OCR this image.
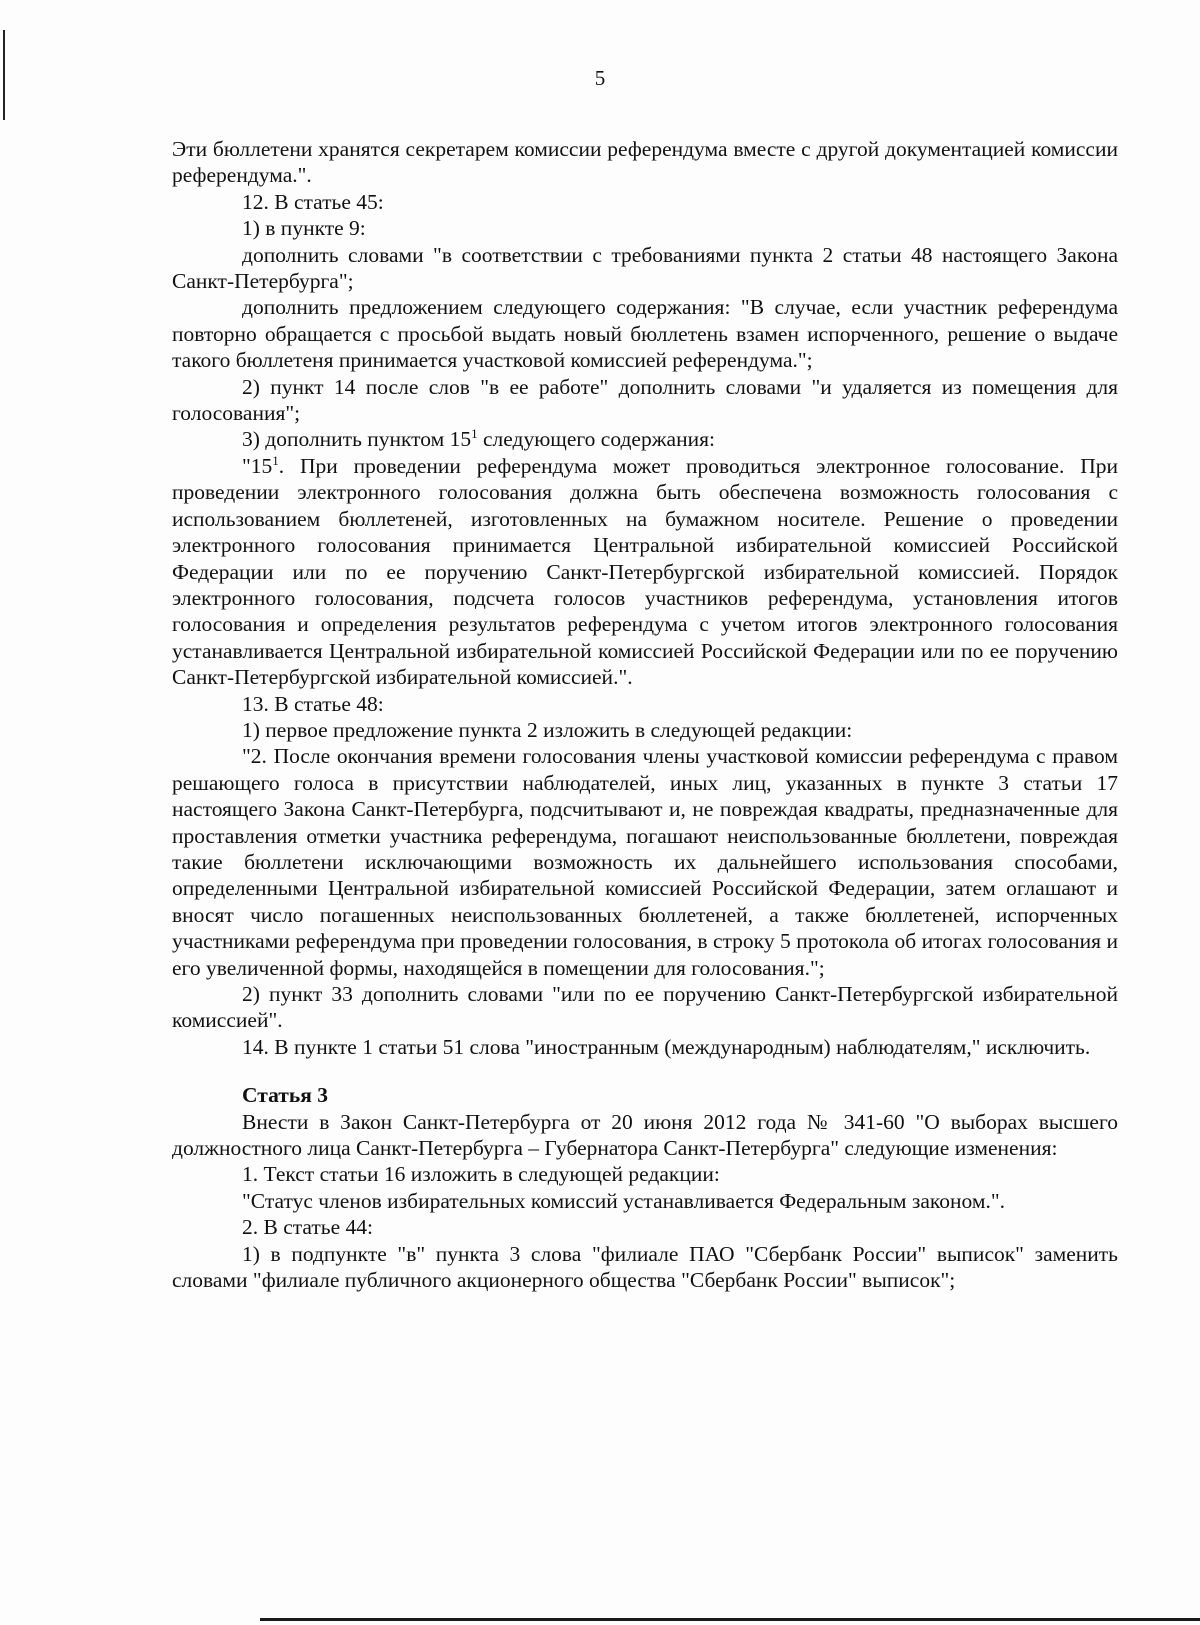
5

Эти бюллетени хранятся секретарем комиссии референдума вместе с другой документацией комиссии референдума.".

12. В статье 45:

1) в пункте 9:

дополнить словами "в соответствии с требованиями пункта 2 статьи 48 настоящего Закона Санкт-Петербурга";

дополнить предложением следующего содержания: "В случае, если участник референдума повторно обращается с просьбой выдать новый бюллетень взамен испорченного, решение о выдаче такого бюллетеня принимается участковой комиссией референдума.";

2) пункт 14 после слов "в ее работе" дополнить словами "и удаляется из помещения для голосования";

3) дополнить пунктом $15^1$ следующего содержания:

"$15^1$. При проведении референдума может проводиться электронное голосование. При проведении электронного голосования должна быть обеспечена возможность голосования с использованием бюллетеней, изготовленных на бумажном носителе. Решение о проведении электронного голосования принимается Центральной избирательной комиссией Российской Федерации или по ее поручению Санкт-Петербургской избирательной комиссией. Порядок электронного голосования, подсчета голосов участников референдума, установления итогов голосования и определения результатов референдума с учетом итогов электронного голосования устанавливается Центральной избирательной комиссией Российской Федерации или по ее поручению Санкт-Петербургской избирательной комиссией.".

13. В статье 48:

1) первое предложение пункта 2 изложить в следующей редакции:

"2. После окончания времени голосования члены участковой комиссии референдума с правом решающего голоса в присутствии наблюдателей, иных лиц, указанных в пункте 3 статьи 17 настоящего Закона Санкт-Петербурга, подсчитывают и, не повреждая квадраты, предназначенные для проставления отметки участника референдума, погашают неиспользованные бюллетени, повреждая такие бюллетени исключающими возможность их дальнейшего использования способами, определенными Центральной избирательной комиссией Российской Федерации, затем оглашают и вносят число погашенных неиспользованных бюллетеней, а также бюллетеней, испорченных участниками референдума при проведении голосования, в строку 5 протокола об итогах голосования и его увеличенной формы, находящейся в помещении для голосования.";

2) пункт 33 дополнить словами "или по ее поручению Санкт-Петербургской избирательной комиссией".

14. В пункте 1 статьи 51 слова "иностранным (международным) наблюдателям," исключить.

Статья 3

Внести в Закон Санкт-Петербурга от 20 июня 2012 года № 341-60 "О выборах высшего должностного лица Санкт-Петербурга – Губернатора Санкт-Петербурга" следующие изменения:

1. Текст статьи 16 изложить в следующей редакции:

"Статус членов избирательных комиссий устанавливается Федеральным законом.".

2. В статье 44:

1) в подпункте "в" пункта 3 слова "филиале ПАО "Сбербанк России" выписок" заменить словами "филиале публичного акционерного общества "Сбербанк России" выписок";
